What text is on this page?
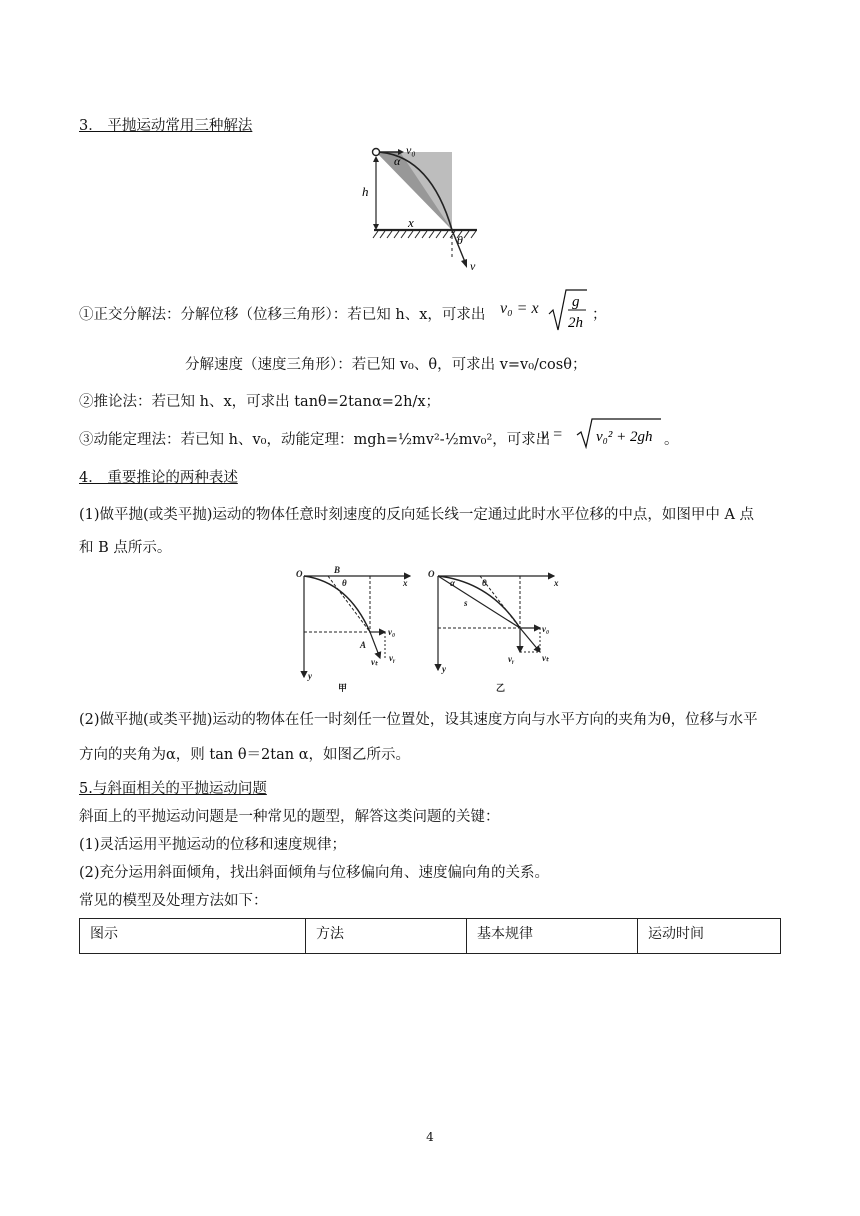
3． 平抛运动常用三种解法
v₀
α
h
x
θ
v
①正交分解法：分解位移（位移三角形）：若已知 h、x，可求出 v₀ = x g
2h ；
分解速度（速度三角形）：若已知 v₀、θ，可求出 v=v₀/cosθ；
②推论法：若已知 h、x，可求出 tanθ=2tanα=2h/x；
③动能定理法：若已知 h、v₀，动能定理：mgh=½mv²-½mv₀²，可求出
v = v₀² + 2gh 。
4． 重要推论的两种表述
(1)做平抛(或类平抛)运动的物体任意时刻速度的反向延长线一定通过此时水平位移的中点，如图甲中 A 点
和 B 点所示。
O	B
θ	x
v₀
A
vₜ vᵧ
y
甲
O
α	θ	x
s
v₀
vᵧ	vₜ
y
乙
(2)做平抛(或类平抛)运动的物体在任一时刻任一位置处，设其速度方向与水平方向的夹角为θ，位移与水平
方向的夹角为α，则 tan θ＝2tan α，如图乙所示。
5.与斜面相关的平抛运动问题
斜面上的平抛运动问题是一种常见的题型，解答这类问题的关键：
(1)灵活运用平抛运动的位移和速度规律；
(2)充分运用斜面倾角，找出斜面倾角与位移偏向角、速度偏向角的关系。
常见的模型及处理方法如下：
图示	方法	基本规律	运动时间
4
